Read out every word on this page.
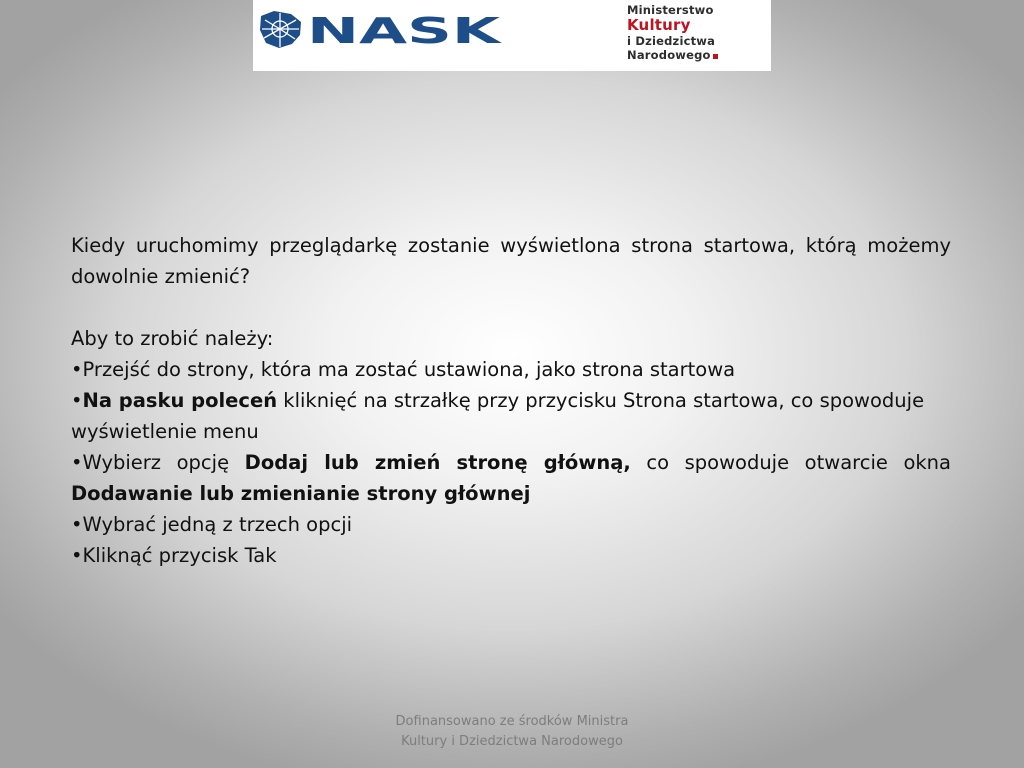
NASK
Ministerstwo
Kultury
i Dziedzictwa
Narodowego

Kiedy uruchomimy przeglądarkę zostanie wyświetlona strona startowa, którą możemy dowolnie zmienić?

Aby to zrobić należy:

•Przejść do strony, która ma zostać ustawiona, jako strona startowa

•Na pasku poleceń kliknięć na strzałkę przy przycisku Strona startowa, co spowoduje wyświetlenie menu

•Wybierz opcję Dodaj lub zmień stronę główną, co spowoduje otwarcie okna Dodawanie lub zmienianie strony głównej

•Wybrać jedną z trzech opcji

•Kliknąć przycisk Tak

Dofinansowano ze środków Ministra
Kultury i Dziedzictwa Narodowego
